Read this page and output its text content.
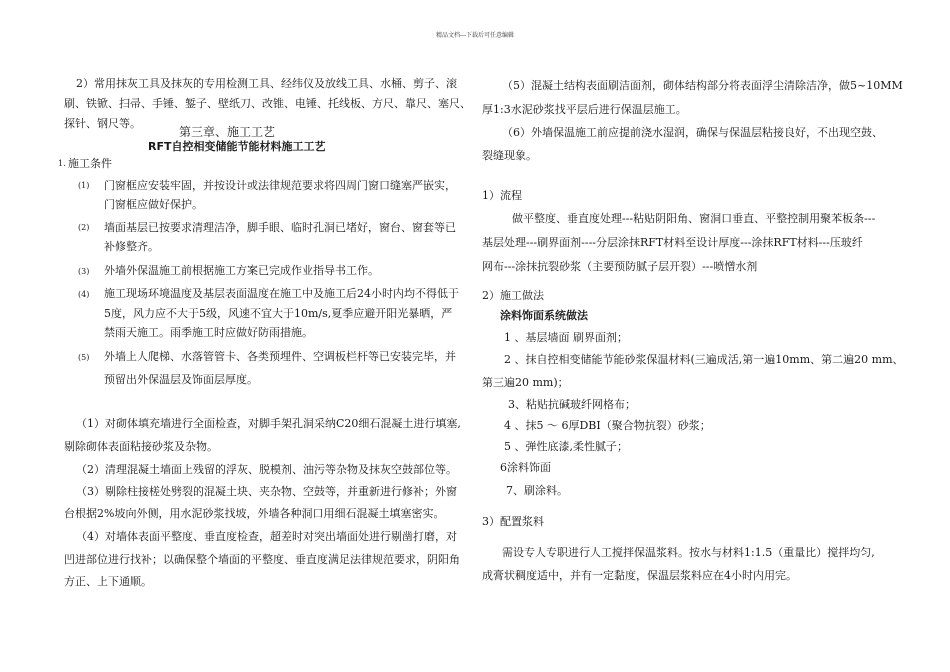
精品文档---下载后可任意编辑
2）常用抹灰工具及抹灰的专用检测工具、经纬仪及放线工具、水桶、剪子、滚
刷、铁锨、扫帚、手锤、錾子、壁纸刀、改锥、电锤、托线板、方尺、靠尺、塞尺、
探针、钢尺等。
第三章、施工工艺
RFT自控相变储能节能材料施工工艺
1. 施工条件
(1) 门窗框应安装牢固，并按设计或法律规范要求将四周门窗口缝塞严嵌实，
门窗框应做好保护。
(2) 墙面基层已按要求清理洁净，脚手眼、临时孔洞已堵好，窗台、窗套等已
补修整齐。
(3) 外墙外保温施工前根据施工方案已完成作业指导书工作。
(4) 施工现场环境温度及基层表面温度在施工中及施工后24小时内均不得低于
5度，风力应不大于5级，风速不宜大于10m/s,夏季应避开阳光暴晒，严
禁雨天施工。雨季施工时应做好防雨措施。
(5) 外墙上人爬梯、水落管管卡、各类预埋件、空调板栏杆等已安装完毕，并
预留出外保温层及饰面层厚度。
（1）对砌体填充墙进行全面检查，对脚手架孔洞采纳C20细石混凝土进行填塞,
剔除砌体表面粘接砂浆及杂物。
（2）清理混凝土墙面上残留的浮灰、脱模剂、油污等杂物及抹灰空鼓部位等。
（3）剔除柱接槎处劈裂的混凝土块、夹杂物、空鼓等，并重新进行修补；外窗
台根据2%坡向外侧，用水泥砂浆找坡，外墙各种洞口用细石混凝土填塞密实。
（4）对墙体表面平整度、垂直度检查，超差时对突出墙面处进行剔凿打磨，对
凹进部位进行找补；以确保整个墙面的平整度、垂直度满足法律规范要求，阴阳角
方正、上下通顺。
（5）混凝土结构表面刷洁面剂，砌体结构部分将表面浮尘清除洁净，做5~10MM
厚1:3水泥砂浆找平层后进行保温层施工。
（6）外墙保温施工前应提前浇水湿润，确保与保温层粘接良好，不出现空鼓、
裂缝现象。
1）流程
做平整度、垂直度处理---粘贴阴阳角、窗洞口垂直、平整控制用聚苯板条---
基层处理---刷界面剂----分层涂抹RFT材料至设计厚度---涂抹RFT材料---压玻纤
网布---涂抹抗裂砂浆（主要预防腻子层开裂）---喷憎水剂
2）施工做法
涂料饰面系统做法
1 、基层墙面 刷界面剂；
2 、抹自控相变储能节能砂浆保温材料(三遍成活,第一遍10mm、第二遍20 mm、
第三遍20 mm)；
3、粘贴抗碱玻纤网格布；
4 、抹5 ～ 6厚DBI（聚合物抗裂）砂浆；
5 、弹性底漆,柔性腻子；
6涂料饰面
7、刷涂料。
3）配置浆料
需设专人专职进行人工搅拌保温浆料。按水与材料1:1.5（重量比）搅拌均匀,
成膏状稠度适中，并有一定黏度，保温层浆料应在4小时内用完。
